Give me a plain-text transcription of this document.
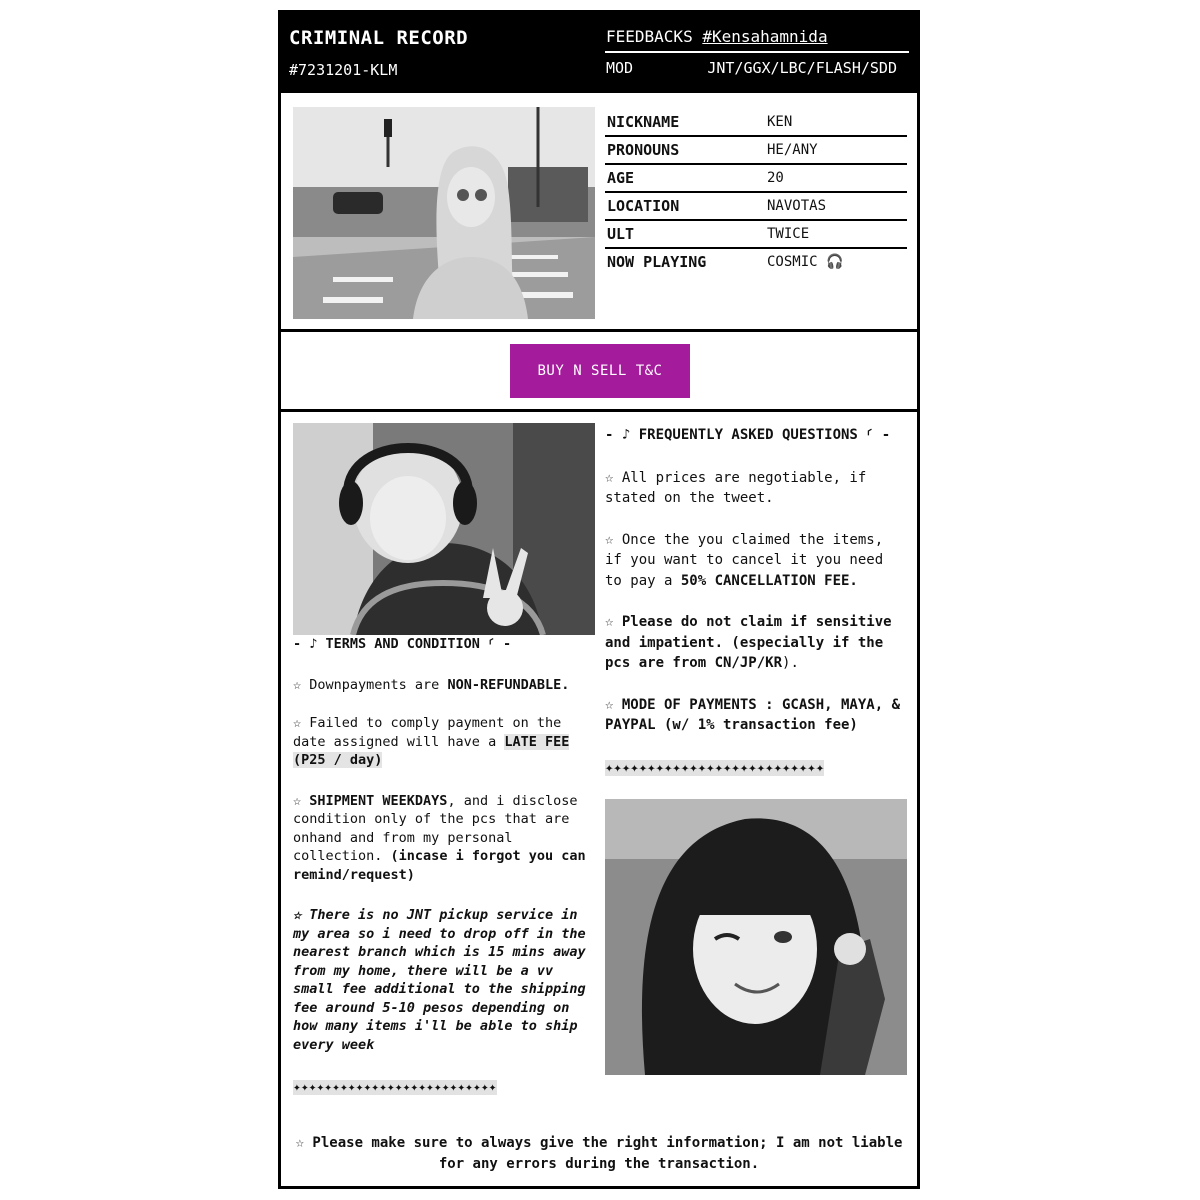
CRIMINAL RECORD
#7231201-KLM
FEEDBACKS #Kensahamnida
MOD	JNT/GGX/LBC/FLASH/SDD
NICKNAME	KEN
PRONOUNS	HE/ANY
AGE	20
LOCATION	NAVOTAS
ULT	TWICE
NOW PLAYING	COSMIC 🎧
BUY N SELL T&C
- ♪ TERMS AND CONDITION ⸂ -
☆ Downpayments are NON-REFUNDABLE.
☆ Failed to comply payment on the date assigned will have a LATE FEE (P25 / day)
☆ SHIPMENT WEEKDAYS, and i disclose condition only of the pcs that are onhand and from my personal collection. (incase i forgot you can remind/request)
☆ There is no JNT pickup service in my area so i need to drop off in the nearest branch which is 15 mins away from my home, there will be a vv small fee additional to the shipping fee around 5-10 pesos depending on how many items i'll be able to ship every week
✦✦✦✦✦✦✦✦✦✦✦✦✦✦✦✦✦✦✦✦✦✦✦✦✦✦
- ♪ FREQUENTLY ASKED QUESTIONS ⸂ -
☆ All prices are negotiable, if stated on the tweet.
☆ Once the you claimed the items, if you want to cancel it you need to pay a 50% CANCELLATION FEE.
☆ Please do not claim if sensitive and impatient. (especially if the pcs are from CN/JP/KR).
☆ MODE OF PAYMENTS : GCASH, MAYA, & PAYPAL (w/ 1% transaction fee)
✦✦✦✦✦✦✦✦✦✦✦✦✦✦✦✦✦✦✦✦✦✦✦✦✦✦
☆ Please make sure to always give the right information; I am not liable for any errors during the transaction.
